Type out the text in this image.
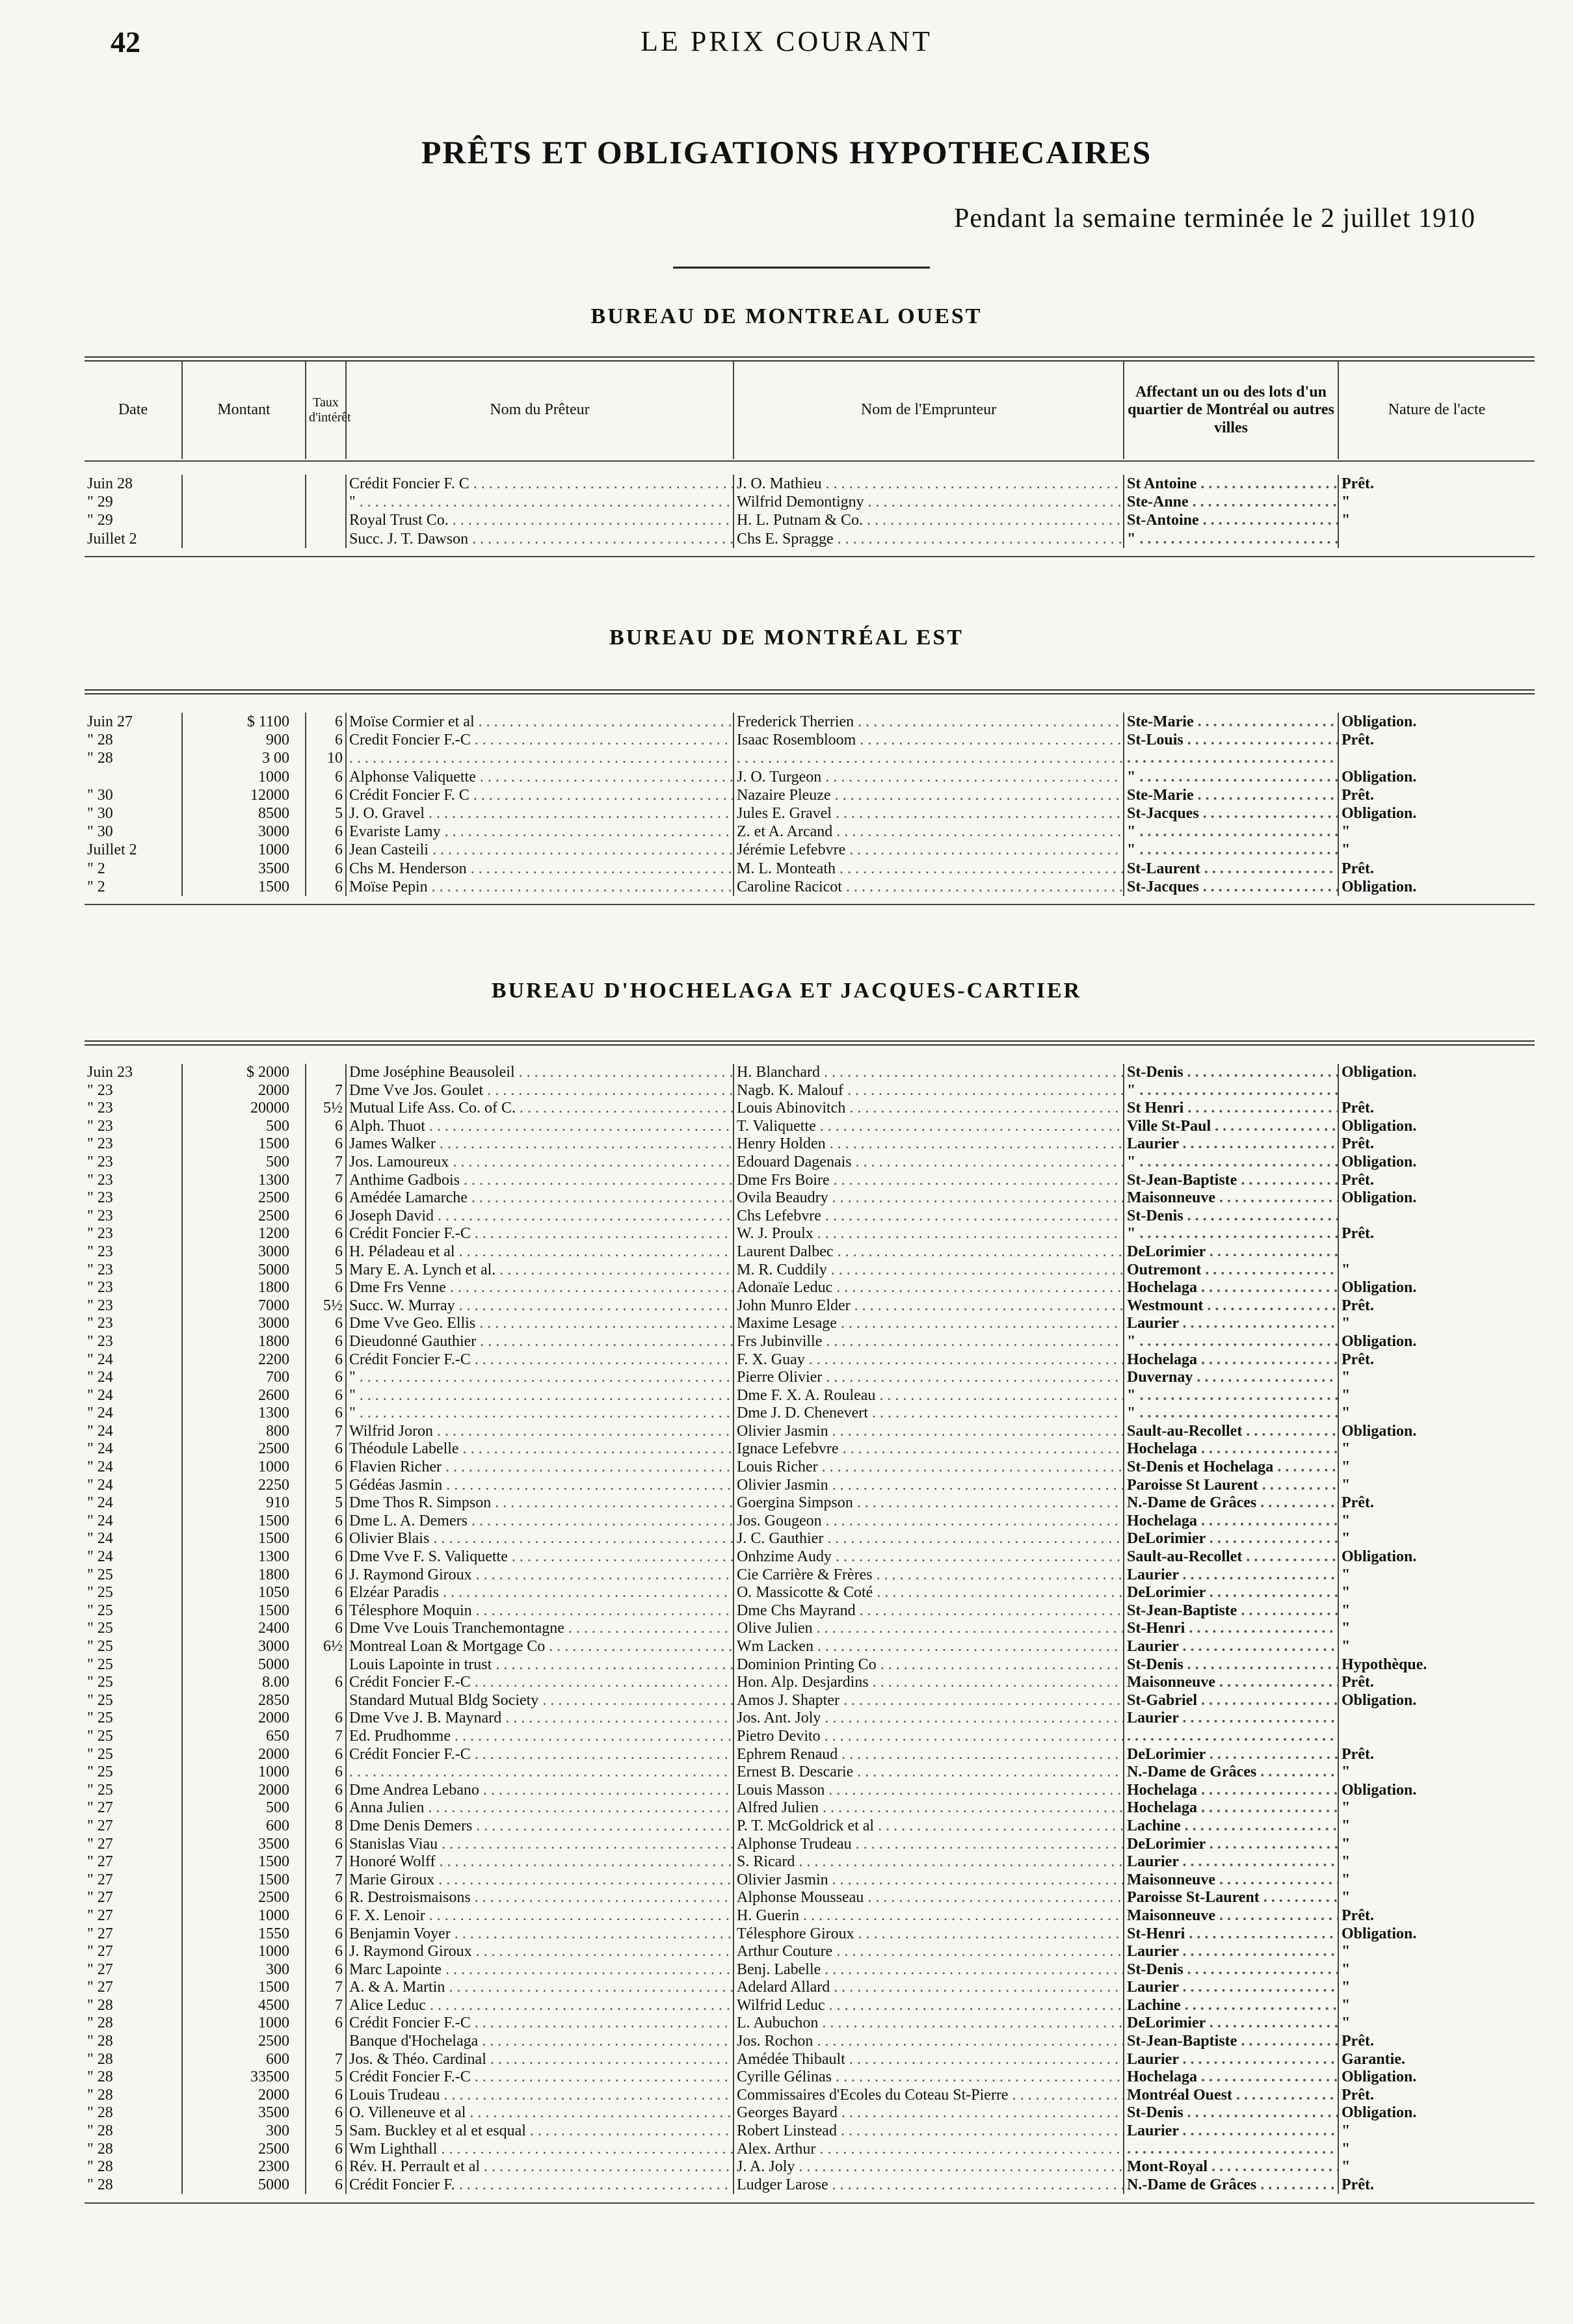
42	LE PRIX COURANT
PRÊTS ET OBLIGATIONS HYPOTHECAIRES
Pendant la semaine terminée le 2 juillet 1910
BUREAU DE MONTREAL OUEST
Date	Montant	Taux d'intérêt	Nom du Prêteur	Nom de l'Emprunteur	Affectant un ou des lots d'un quartier de Montréal ou autres villes	Nature de l'acte
Juin 28			Crédit Foncier F. C . . .	J. O. Mathieu . . .	St Antoine . . .	Prêt.
" 29			" . . .	Wilfrid Demontigny . . .	Ste-Anne . . .	"
" 29			Royal Trust Co. . . .	H. L. Putnam & Co. . . .	St-Antoine . . .	"
Juillet 2			Succ. J. T. Dawson . . .	Chs E. Spragge . . .	" . . .	
BUREAU DE MONTRÉAL EST
Juin 27	$ 1100	6	Moïse Cormier et al . . .	Frederick Therrien . . .	Ste-Marie . . .	Obligation.
" 28	900	6	Credit Foncier F.-C . . .	Isaac Rosembloom . . .	St-Louis . . .	Prêt.
" 28	3 00	10	. . .	. . .	. . .	
	1000	6	Alphonse Valiquette . . .	J. O. Turgeon . . .	" . . .	Obligation.
" 30	12000	6	Crédit Foncier F. C . . .	Nazaire Pleuze . . .	Ste-Marie . . .	Prêt.
" 30	8500	5	J. O. Gravel . . .	Jules E. Gravel . . .	St-Jacques . . .	Obligation.
" 30	3000	6	Evariste Lamy . . .	Z. et A. Arcand . . .	" . . .	"
Juillet 2	1000	6	Jean Casteili . . .	Jérémie Lefebvre . . .	" . . .	"
" 2	3500	6	Chs M. Henderson . . .	M. L. Monteath . . .	St-Laurent . . .	Prêt.
" 2	1500	6	Moïse Pepin . . .	Caroline Racicot . . .	St-Jacques . . .	Obligation.
BUREAU D'HOCHELAGA ET JACQUES-CARTIER
Juin 23	$ 2000		Dme Joséphine Beausoleil . . .	H. Blanchard . . .	St-Denis . . .	Obligation.
" 23	2000	7	Dme Vve Jos. Goulet . . .	Nagb. K. Malouf . . .	" . . .	
" 23	20000	5½	Mutual Life Ass. Co. of C. . . .	Louis Abinovitch . . .	St Henri . . .	Prêt.
" 23	500	6	Alph. Thuot . . .	T. Valiquette . . .	Ville St-Paul . . .	Obligation.
" 23	1500	6	James Walker . . .	Henry Holden . . .	Laurier . . .	Prêt.
" 23	500	7	Jos. Lamoureux . . .	Edouard Dagenais . . .	" . . .	Obligation.
" 23	1300	7	Anthime Gadbois . . .	Dme Frs Boire . . .	St-Jean-Baptiste . . .	Prêt.
" 23	2500	6	Amédée Lamarche . . .	Ovila Beaudry . . .	Maisonneuve . . .	Obligation.
" 23	2500	6	Joseph David . . .	Chs Lefebvre . . .	St-Denis . . .	
" 23	1200	6	Crédit Foncier F.-C . . .	W. J. Proulx . . .	" . . .	Prêt.
" 23	3000	6	H. Péladeau et al . . .	Laurent Dalbec . . .	DeLorimier . . .	
" 23	5000	5	Mary E. A. Lynch et al. . . .	M. R. Cuddily . . .	Outremont . . .	"
" 23	1800	6	Dme Frs Venne . . .	Adonaïe Leduc . . .	Hochelaga . . .	Obligation.
" 23	7000	5½	Succ. W. Murray . . .	John Munro Elder . . .	Westmount . . .	Prêt.
" 23	3000	6	Dme Vve Geo. Ellis . . .	Maxime Lesage . . .	Laurier . . .	"
" 23	1800	6	Dieudonné Gauthier . . .	Frs Jubinville . . .	" . . .	Obligation.
" 24	2200	6	Crédit Foncier F.-C . . .	F. X. Guay . . .	Hochelaga . . .	Prêt.
" 24	700	6	" . . .	Pierre Olivier . . .	Duvernay . . .	"
" 24	2600	6	" . . .	Dme F. X. A. Rouleau . . .	" . . .	"
" 24	1300	6	" . . .	Dme J. D. Chenevert . . .	" . . .	"
" 24	800	7	Wilfrid Joron . . .	Olivier Jasmin . . .	Sault-au-Recollet . . .	Obligation.
" 24	2500	6	Théodule Labelle . . .	Ignace Lefebvre . . .	Hochelaga . . .	"
" 24	1000	6	Flavien Richer . . .	Louis Richer . . .	St-Denis et Hochelaga . . .	"
" 24	2250	5	Gédéas Jasmin . . .	Olivier Jasmin . . .	Paroisse St Laurent . . .	"
" 24	910	5	Dme Thos R. Simpson . . .	Goergina Simpson . . .	N.-Dame de Grâces . . .	Prêt.
" 24	1500	6	Dme L. A. Demers . . .	Jos. Gougeon . . .	Hochelaga . . .	"
" 24	1500	6	Olivier Blais . . .	J. C. Gauthier . . .	DeLorimier . . .	"
" 24	1300	6	Dme Vve F. S. Valiquette . . .	Onhzime Audy . . .	Sault-au-Recollet . . .	Obligation.
" 25	1800	6	J. Raymond Giroux . . .	Cie Carrière & Frères . . .	Laurier . . .	"
" 25	1050	6	Elzéar Paradis . . .	O. Massicotte & Coté . . .	DeLorimier . . .	"
" 25	1500	6	Télesphore Moquin . . .	Dme Chs Mayrand . . .	St-Jean-Baptiste . . .	"
" 25	2400	6	Dme Vve Louis Tranchemontagne . . .	Olive Julien . . .	St-Henri . . .	"
" 25	3000	6½	Montreal Loan & Mortgage Co . . .	Wm Lacken . . .	Laurier . . .	"
" 25	5000		Louis Lapointe in trust . . .	Dominion Printing Co . . .	St-Denis . . .	Hypothèque.
" 25	8.00	6	Crédit Foncier F.-C . . .	Hon. Alp. Desjardins . . .	Maisonneuve . . .	Prêt.
" 25	2850		Standard Mutual Bldg Society . . .	Amos J. Shapter . . .	St-Gabriel . . .	Obligation.
" 25	2000	6	Dme Vve J. B. Maynard . . .	Jos. Ant. Joly . . .	Laurier . . .	
" 25	650	7	Ed. Prudhomme . . .	Pietro Devito . . .	. . .	
" 25	2000	6	Crédit Foncier F.-C . . .	Ephrem Renaud . . .	DeLorimier . . .	Prêt.
" 25	1000	6	. . .	Ernest B. Descarie . . .	N.-Dame de Grâces . . .	"
" 25	2000	6	Dme Andrea Lebano . . .	Louis Masson . . .	Hochelaga . . .	Obligation.
" 27	500	6	Anna Julien . . .	Alfred Julien . . .	Hochelaga . . .	"
" 27	600	8	Dme Denis Demers . . .	P. T. McGoldrick et al . . .	Lachine . . .	"
" 27	3500	6	Stanislas Viau . . .	Alphonse Trudeau . . .	DeLorimier . . .	"
" 27	1500	7	Honoré Wolff . . .	S. Ricard . . .	Laurier . . .	"
" 27	1500	7	Marie Giroux . . .	Olivier Jasmin . . .	Maisonneuve . . .	"
" 27	2500	6	R. Destroismaisons . . .	Alphonse Mousseau . . .	Paroisse St-Laurent . . .	"
" 27	1000	6	F. X. Lenoir . . .	H. Guerin . . .	Maisonneuve . . .	Prêt.
" 27	1550	6	Benjamin Voyer . . .	Télesphore Giroux . . .	St-Henri . . .	Obligation.
" 27	1000	6	J. Raymond Giroux . . .	Arthur Couture . . .	Laurier . . .	"
" 27	300	6	Marc Lapointe . . .	Benj. Labelle . . .	St-Denis . . .	"
" 27	1500	7	A. & A. Martin . . .	Adelard Allard . . .	Laurier . . .	"
" 28	4500	7	Alice Leduc . . .	Wilfrid Leduc . . .	Lachine . . .	"
" 28	1000	6	Crédit Foncier F.-C . . .	L. Aubuchon . . .	DeLorimier . . .	"
" 28	2500		Banque d'Hochelaga . . .	Jos. Rochon . . .	St-Jean-Baptiste . . .	Prêt.
" 28	600	7	Jos. & Théo. Cardinal . . .	Amédée Thibault . . .	Laurier . . .	Garantie.
" 28	33500	5	Crédit Foncier F.-C . . .	Cyrille Gélinas . . .	Hochelaga . . .	Obligation.
" 28	2000	6	Louis Trudeau . . .	Commissaires d'Ecoles du Coteau St-Pierre . . .	Montréal Ouest . . .	Prêt.
" 28	3500	6	O. Villeneuve et al . . .	Georges Bayard . . .	St-Denis . . .	Obligation.
" 28	300	5	Sam. Buckley et al et esqual . . .	Robert Linstead . . .	Laurier . . .	"
" 28	2500	6	Wm Lighthall . . .	Alex. Arthur . . .	. . .	"
" 28	2300	6	Rév. H. Perrault et al . . .	J. A. Joly . . .	Mont-Royal . . .	"
" 28	5000	6	Crédit Foncier F. . . .	Ludger Larose . . .	N.-Dame de Grâces . . .	Prêt.
